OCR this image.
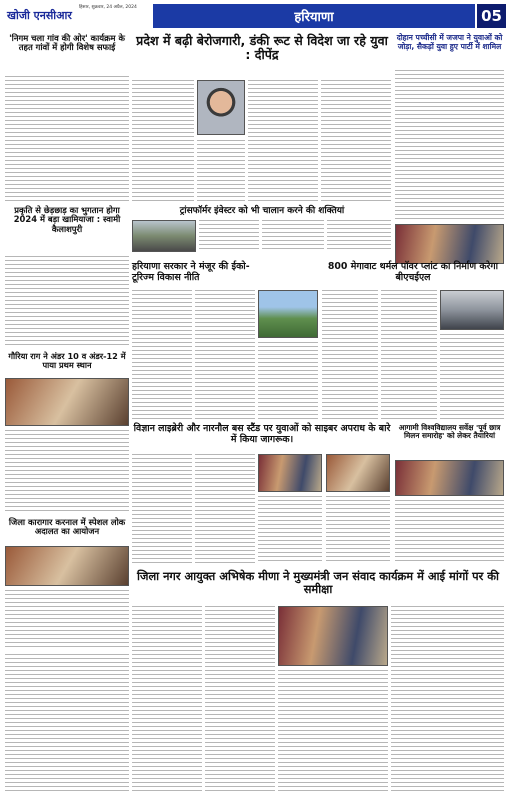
खोजी एनसीआर
हिसार, शुक्रवार, 24 अप्रैल, 2024
हरियाणा	05
'निगम चला गांव की ओर' कार्यक्रम के तहत गांवों में होगी विशेष सफाई	प्रदेश में बढ़ी बेरोजगारी, डंकी रूट से विदेश जा रहे युवा : दीपेंद्र
दोहान पच्चीसी में जजपा ने युवाओं को जोड़ा, सैकड़ों युवा हुए पार्टी में शामिल
ट्रांसफॉर्मर इंवेस्टर को भी चालान करने की शक्तियां
प्रकृति से छेड़छाड़ का भुगतान होगा 2024 में बड़ा खामियाजा : स्वामी कैलाशपुरी
हरियाणा सरकार ने मंजूर की ईको-टूरिज्म विकास नीति
800 मेगावाट थर्मल पॉवर प्लांट का निर्माण करेगा बीएचईएल
गौरिया राग ने अंडर 10 व अंडर-12 में पाया प्रथम स्थान
विज्ञान लाइब्रेरी और नारनौल बस स्टैंड पर युवाओं को साइबर अपराध के बारे में किया जागरूक।
आगामी विश्वविद्यालय सर्वेक्ष 'पूर्व छात्र मिलन समारोह' को लेकर तैयारियां
जिला कारागार करनाल में स्पेशल लोक अदालत का आयोजन
जिला नगर आयुक्त अभिषेक मीणा ने मुख्यमंत्री जन संवाद कार्यक्रम में आई मांगों पर की समीक्षा
